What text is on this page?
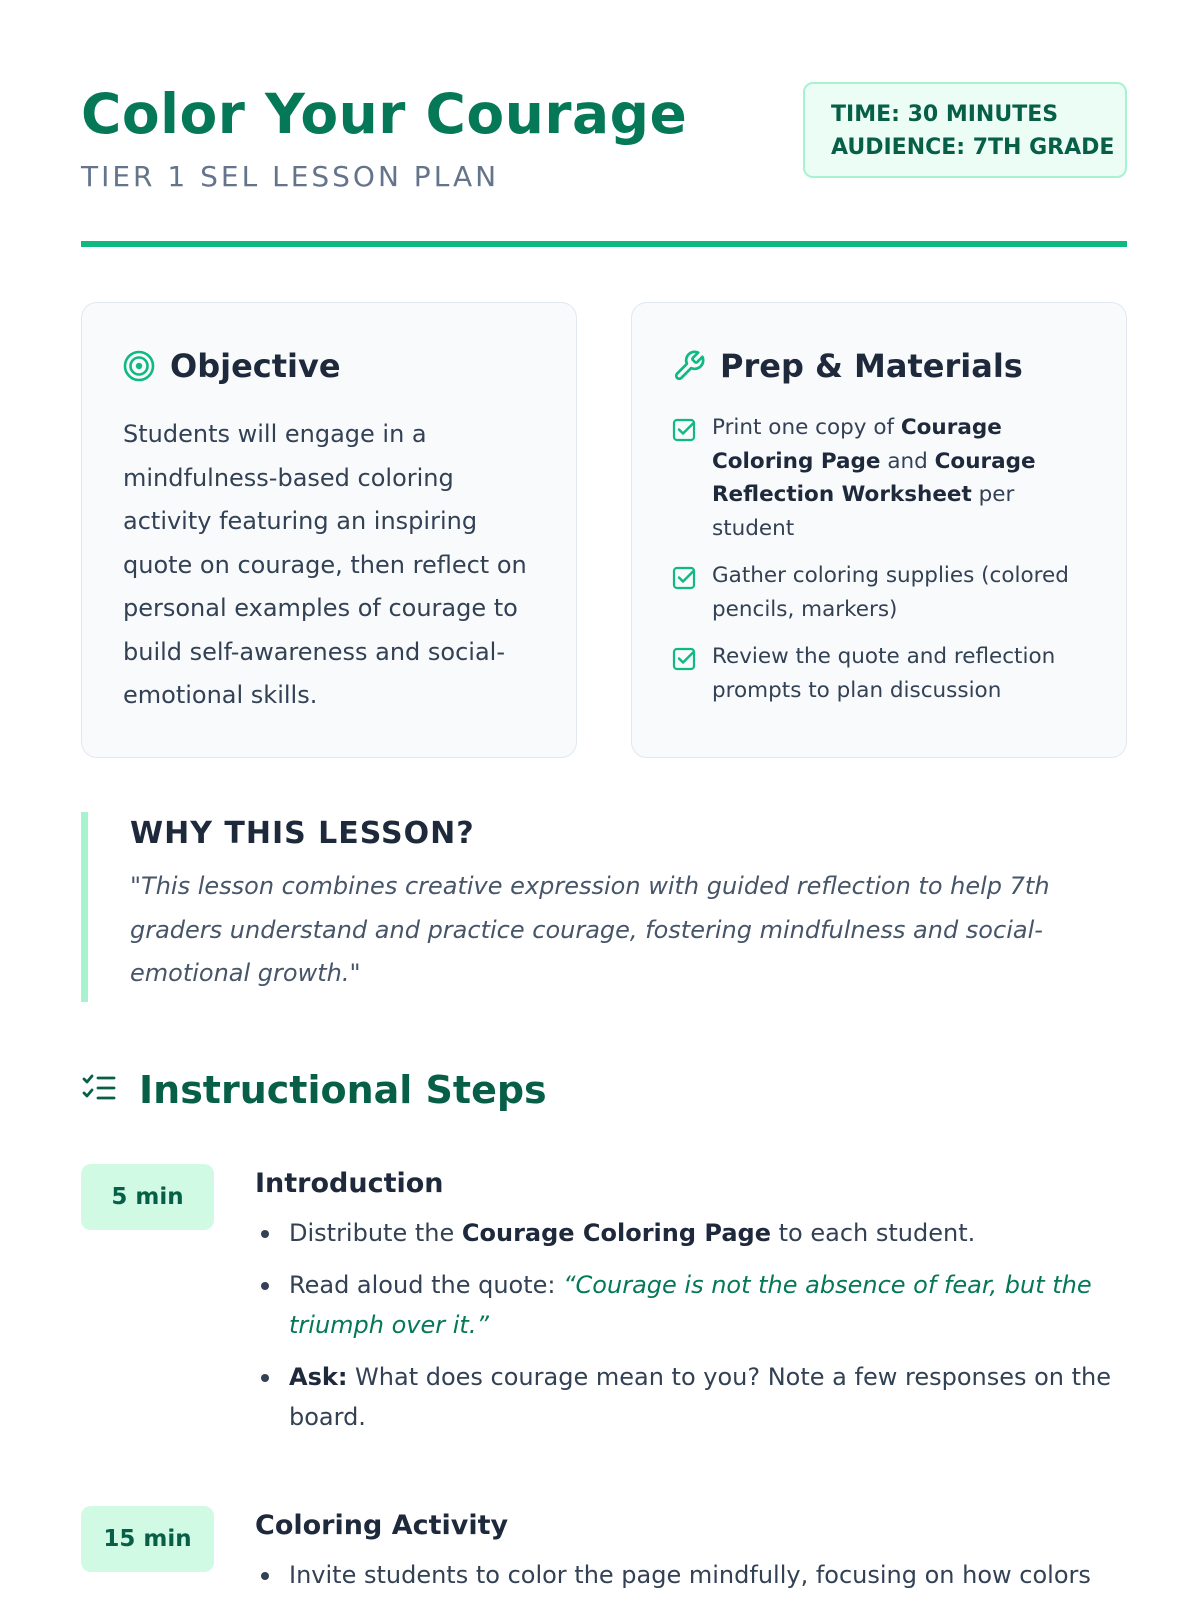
Color Your Courage
TIER 1 SEL LESSON PLAN
TIME: 30 MINUTES
AUDIENCE: 7TH GRADE
Objective

Students will engage in a mindfulness-based coloring activity featuring an inspiring quote on courage, then reflect on personal examples of courage to build self-awareness and social-emotional skills.

Prep & Materials
Print one copy of Courage Coloring Page and Courage Reflection Worksheet per student
Gather coloring supplies (colored pencils, markers)
Review the quote and reflection prompts to plan discussion
WHY THIS LESSON?

"This lesson combines creative expression with guided reflection to help 7th graders understand and practice courage, fostering mindfulness and social-emotional growth."

Instructional Steps
5 min	Introduction
Distribute the Courage Coloring Page to each student.
Read aloud the quote: “Courage is not the absence of fear, but the triumph over it.”
Ask: What does courage mean to you? Note a few responses on the board.
15 min	Coloring Activity
Invite students to color the page mindfully, focusing on how colors
